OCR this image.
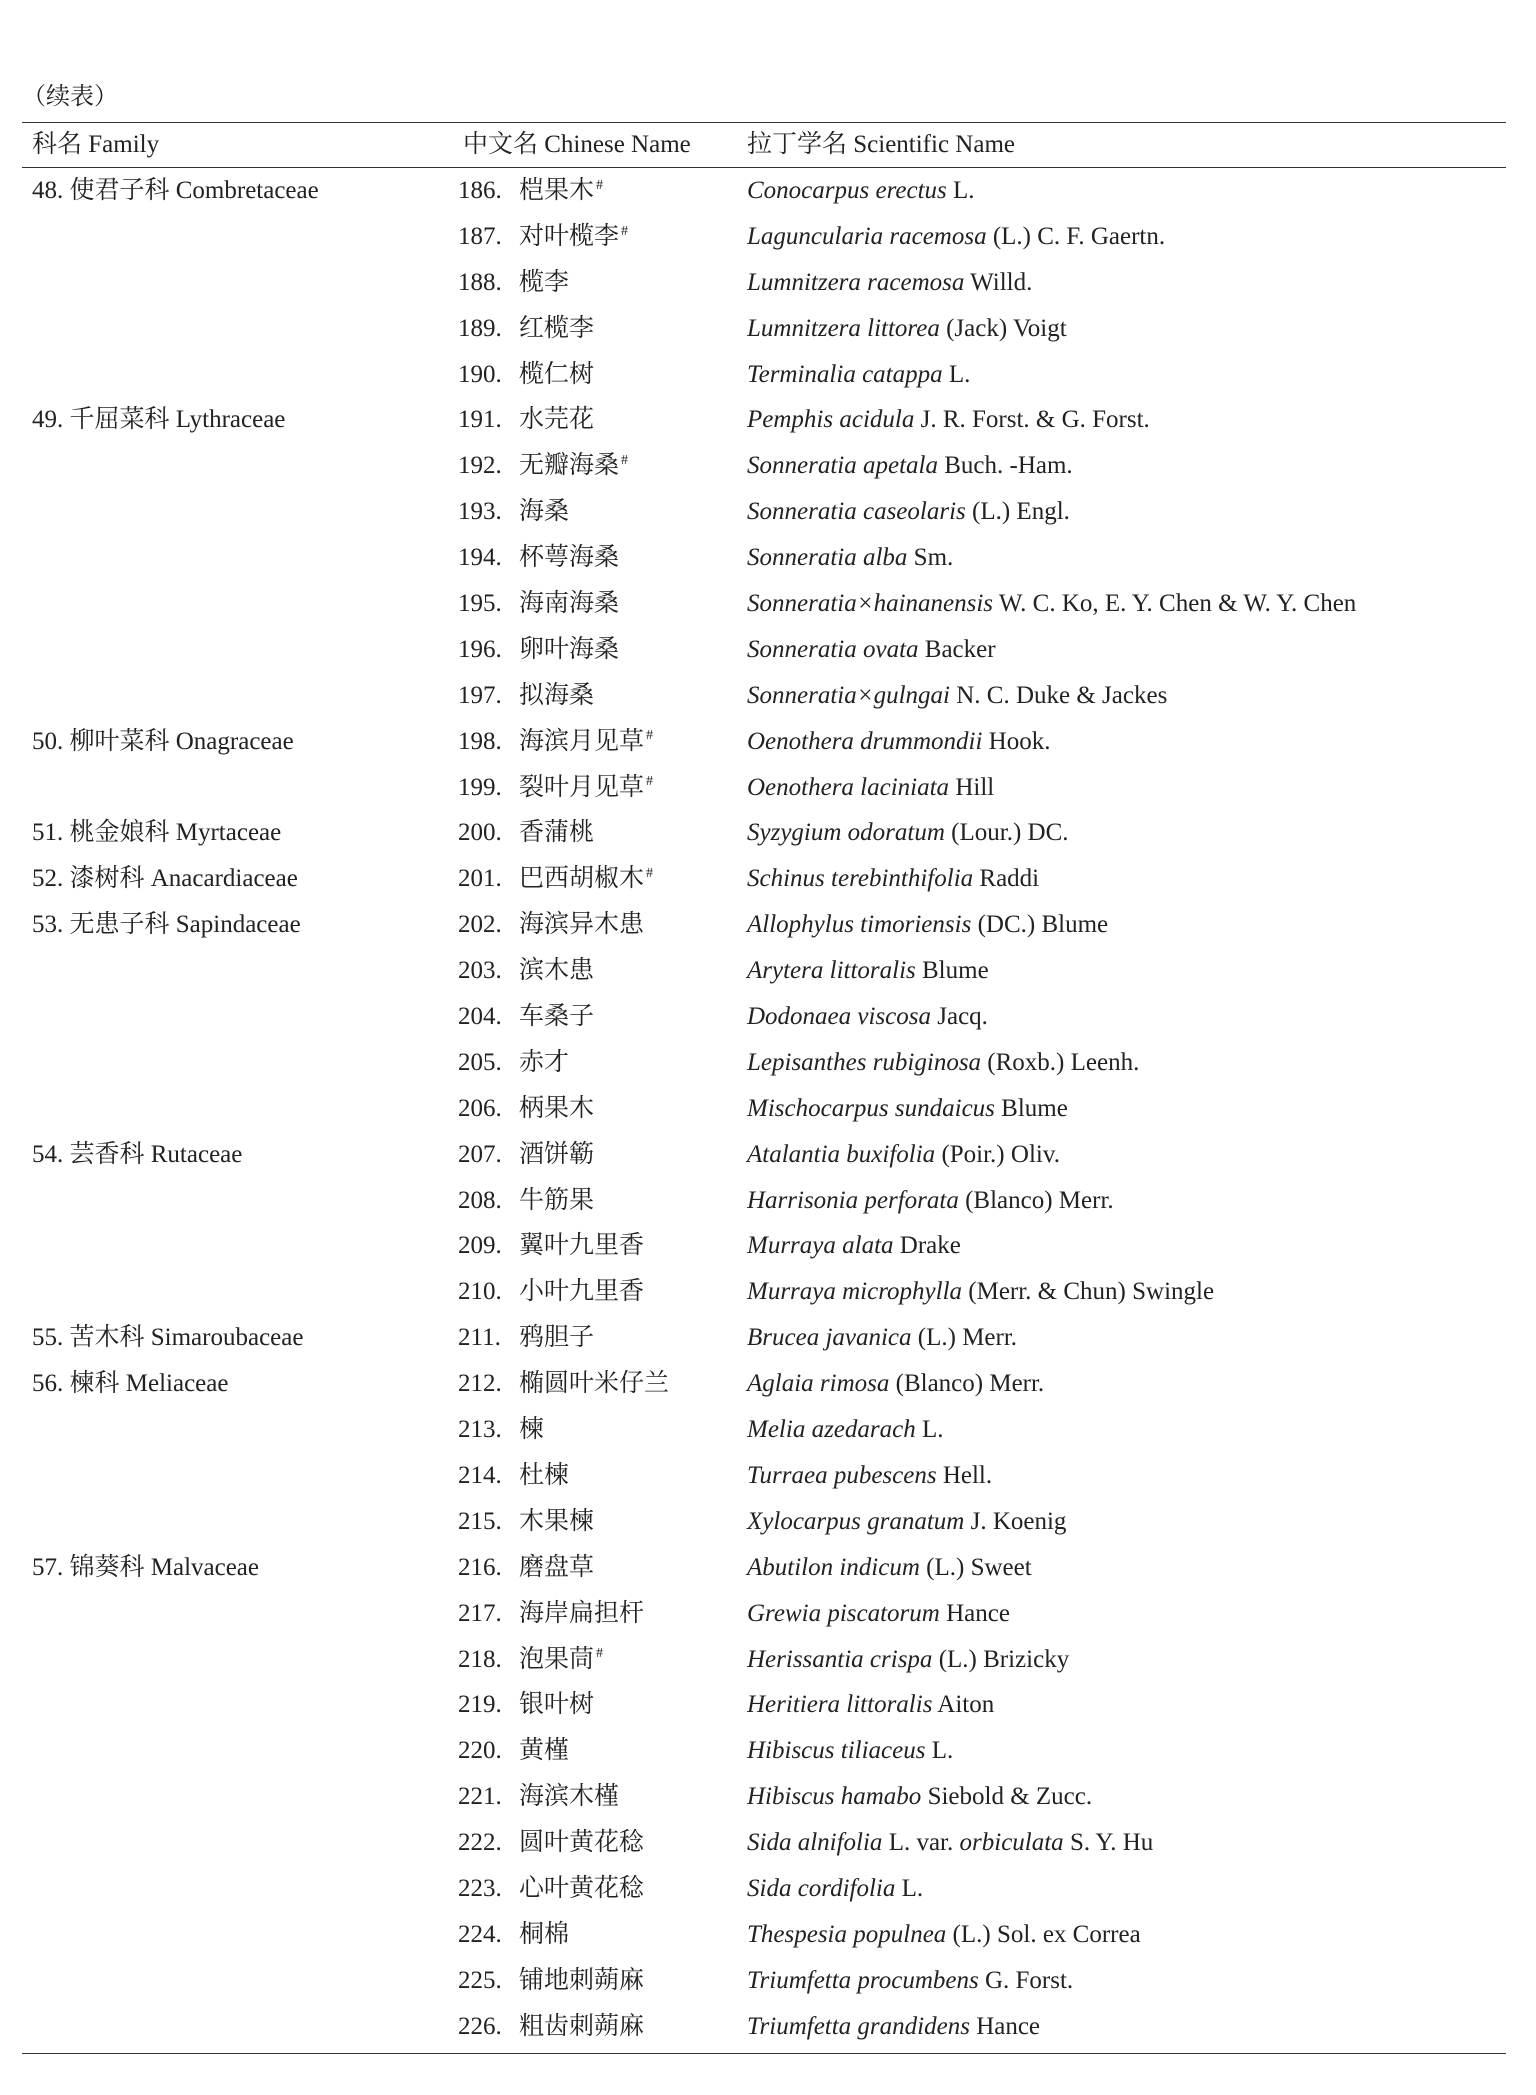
（续表）
科名 Family	中文名 Chinese Name 拉丁学名 Scientific Name
48. 使君子科 Combretaceae	186. 桤果木 #	Conocarpus erectus L.
187. 对叶榄李 #	Laguncularia racemosa (L.) C. F. Gaertn.
188. 榄李	Lumnitzera racemosa Willd.
189. 红榄李	Lumnitzera littorea (Jack) Voigt
190. 榄仁树	Terminalia catappa L.
49. 千屈菜科 Lythraceae	191. 水芫花	Pemphis acidula J. R. Forst. & G. Forst.
192. 无瓣海桑 #	Sonneratia apetala Buch. -Ham.
193. 海桑	Sonneratia caseolaris (L.) Engl.
194. 杯萼海桑	Sonneratia alba Sm.
195. 海南海桑	Sonneratia×hainanensis W. C. Ko, E. Y. Chen & W. Y. Chen
196. 卵叶海桑	Sonneratia ovata Backer
197. 拟海桑	Sonneratia×gulngai N. C. Duke & Jackes
50. 柳叶菜科 Onagraceae	198. 海滨月见草 #	Oenothera drummondii Hook.
199. 裂叶月见草 #	Oenothera laciniata Hill
51. 桃金娘科 Myrtaceae	200. 香蒲桃	Syzygium odoratum (Lour.) DC.
52. 漆树科 Anacardiaceae	201. 巴西胡椒木 #	Schinus terebinthifolia Raddi
53. 无患子科 Sapindaceae	202. 海滨异木患	Allophylus timoriensis (DC.) Blume
203. 滨木患	Arytera littoralis Blume
204. 车桑子	Dodonaea viscosa Jacq.
205. 赤才	Lepisanthes rubiginosa (Roxb.) Leenh.
206. 柄果木	Mischocarpus sundaicus Blume
54. 芸香科 Rutaceae	207. 酒饼簕	Atalantia buxifolia (Poir.) Oliv.
208. 牛筋果	Harrisonia perforata (Blanco) Merr.
209. 翼叶九里香	Murraya alata Drake
210. 小叶九里香	Murraya microphylla (Merr. & Chun) Swingle
55. 苦木科 Simaroubaceae	211. 鸦胆子	Brucea javanica (L.) Merr.
56. 楝科 Meliaceae	212. 椭圆叶米仔兰	Aglaia rimosa (Blanco) Merr.
213. 楝	Melia azedarach L.
214. 杜楝	Turraea pubescens Hell.
215. 木果楝	Xylocarpus granatum J. Koenig
57. 锦葵科 Malvaceae	216. 磨盘草	Abutilon indicum (L.) Sweet
217. 海岸扁担杆	Grewia piscatorum Hance
218. 泡果茼 #	Herissantia crispa (L.) Brizicky
219. 银叶树	Heritiera littoralis Aiton
220. 黄槿	Hibiscus tiliaceus L.
221. 海滨木槿	Hibiscus hamabo Siebold & Zucc.
222. 圆叶黄花稔	Sida alnifolia L. var. orbiculata S. Y. Hu
223. 心叶黄花稔	Sida cordifolia L.
224. 桐棉	Thespesia populnea (L.) Sol. ex Correa
225. 铺地刺蒴麻	Triumfetta procumbens G. Forst.
226. 粗齿刺蒴麻	Triumfetta grandidens Hance
